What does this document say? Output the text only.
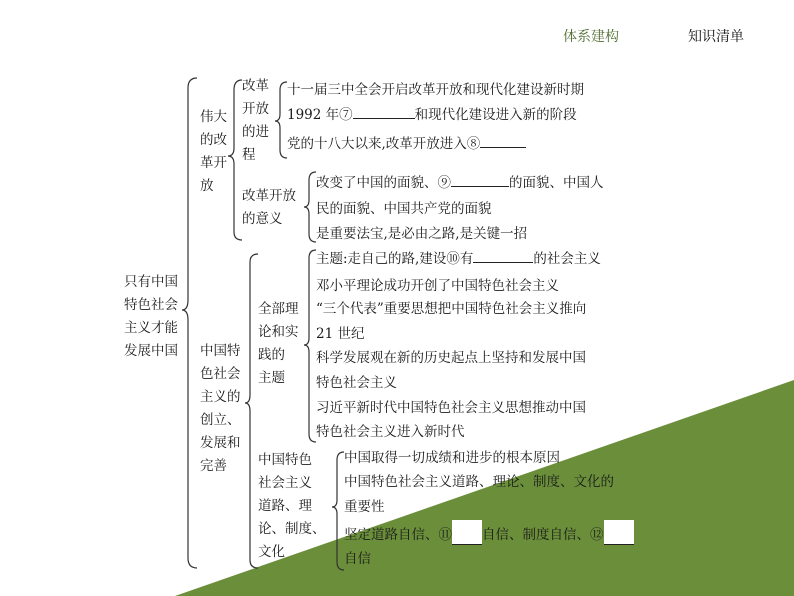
体系建构	知识清单
只有中国
特色社会
主义才能
发展中国
伟大
的改
革开
放
改革
开放
的进
程
十一届三中全会开启改革开放和现代化建设新时期
1992 年⑦	和现代化建设进入新的阶段
党的十八大以来,改革开放进入⑧
改革开放
的意义
改变了中国的面貌、⑨	的面貌、中国人
民的面貌、中国共产党的面貌
是重要法宝,是必由之路,是关键一招
中国特
色社会
主义的
创立、
发展和
完善
全部理
论和实
践的
主题
主题:走自己的路,建设⑩有	的社会主义
邓小平理论成功开创了中国特色社会主义
“三个代表”重要思想把中国特色社会主义推向
21 世纪
科学发展观在新的历史起点上坚持和发展中国
特色社会主义
习近平新时代中国特色社会主义思想推动中国
特色社会主义进入新时代
中国特色
社会主义
道路、理
论、制度、
文化
中国取得一切成绩和进步的根本原因
中国特色社会主义道路、理论、制度、文化的
重要性
坚定道路自信、⑪ 自信、制度自信、⑫
自信
